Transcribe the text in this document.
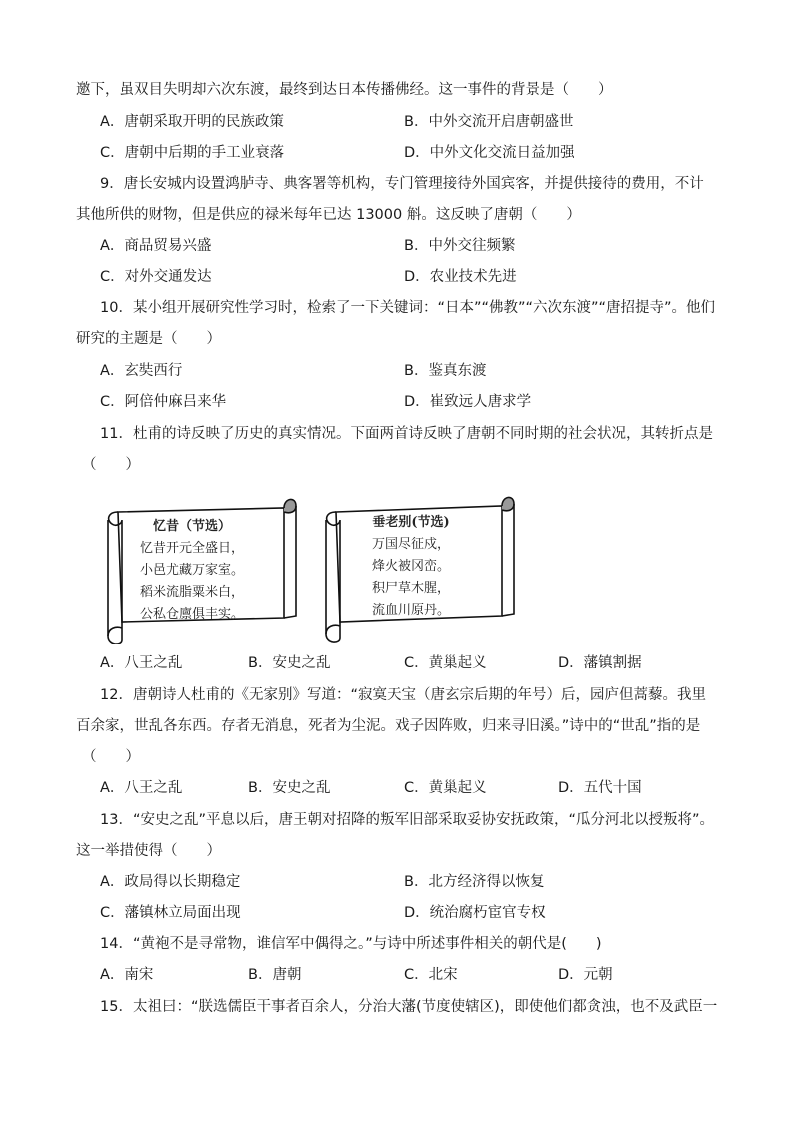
邀下，虽双目失明却六次东渡，最终到达日本传播佛经。这一事件的背景是（　　）
A．唐朝采取开明的民族政策	B．中外交流开启唐朝盛世
C．唐朝中后期的手工业衰落	D．中外文化交流日益加强
9．唐长安城内设置鸿胪寺、典客署等机构，专门管理接待外国宾客，并提供接待的费用，不计
其他所供的财物，但是供应的禄米每年已达 13000 斛。这反映了唐朝（　　）
A．商品贸易兴盛	B．中外交往频繁
C．对外交通发达	D．农业技术先进
10．某小组开展研究性学习时，检索了一下关键词：“日本”“佛教”“六次东渡”“唐招提寺”。他们
研究的主题是（　　）
A．玄奘西行	B．鉴真东渡
C．阿倍仲麻吕来华	D．崔致远人唐求学
11．杜甫的诗反映了历史的真实情况。下面两首诗反映了唐朝不同时期的社会状况，其转折点是
（　　）
忆昔（节选）
忆昔开元全盛日，
小邑尤藏万家室。
稻米流脂粟米白，
公私仓廪俱丰实。
垂老别(节选)
万国尽征戍，
烽火被冈峦。
积尸草木腥，
流血川原丹。
A．八王之乱	B．安史之乱	C．黄巢起义	D．藩镇割据
12．唐朝诗人杜甫的《无家别》写道：“寂寞天宝（唐玄宗后期的年号）后，园庐但蒿藜。我里
百余家，世乱各东西。存者无消息，死者为尘泥。戏子因阵败，归来寻旧溪。”诗中的“世乱”指的是
（　　）
A．八王之乱	B．安史之乱	C．黄巢起义	D．五代十国
13．“安史之乱”平息以后，唐王朝对招降的叛军旧部采取妥协安抚政策，“瓜分河北以授叛将”。
这一举措使得（　　）
A．政局得以长期稳定	B．北方经济得以恢复
C．藩镇林立局面出现	D．统治腐朽宦官专权
14．“黄袍不是寻常物，谁信军中偶得之。”与诗中所述事件相关的朝代是(　　)
A．南宋	B．唐朝	C．北宋	D．元朝
15．太祖曰：“朕选儒臣干事者百余人，分治大藩(节度使辖区)，即使他们都贪浊，也不及武臣一
